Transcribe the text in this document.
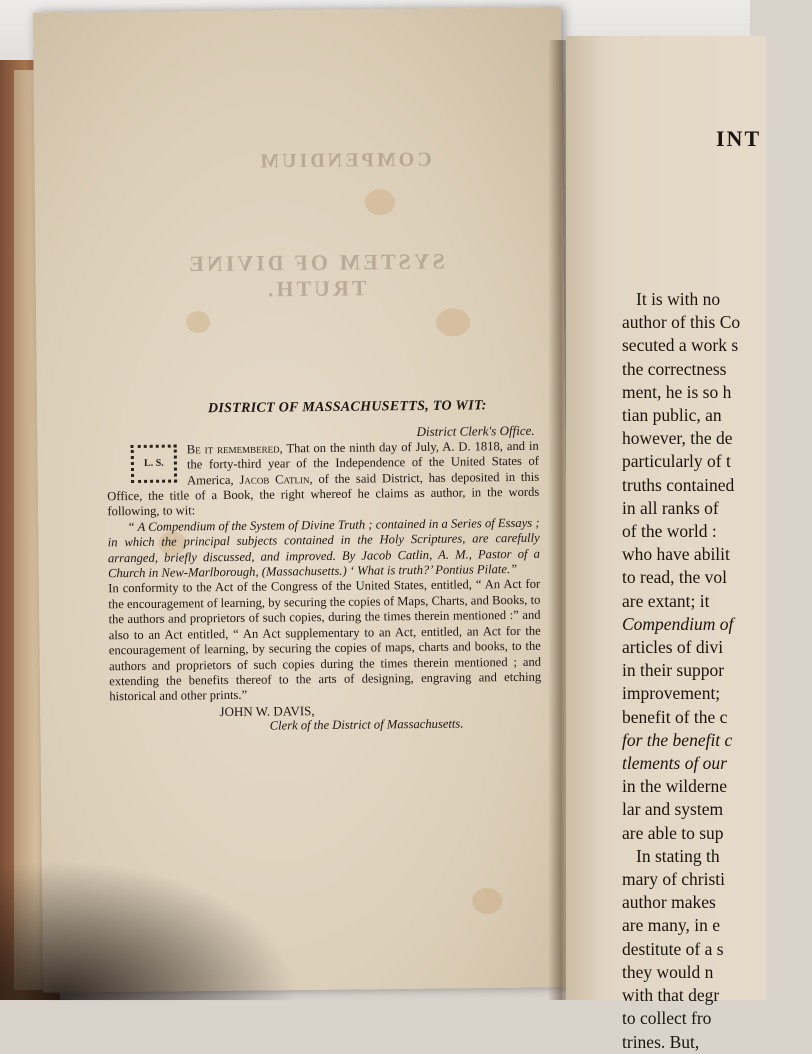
COMPENDIUM
SYSTEM OF DIVINE TRUTH.
DISTRICT OF MASSACHUSETTS, TO WIT:
District Clerk's Office.

L. S.
Be it remembered, That on the ninth day of July, A. D. 1818, and in the forty-third year of the Independence of the United States of America, Jacob Catlin, of the said District, has deposited in this Office, the title of a Book, the right whereof he claims as author, in the words following, to wit:

“ A Compendium of the System of Divine Truth ; contained in a Series of Essays ; in which the principal subjects contained in the Holy Scriptures, are carefully arranged, briefly discussed, and improved. By Jacob Catlin, A. M., Pastor of a Church in New-Marlborough, (Massachusetts.) ‘ What is truth?’ Pontius Pilate.”

In conformity to the Act of the Congress of the United States, entitled, “ An Act for the encouragement of learning, by securing the copies of Maps, Charts, and Books, to the authors and proprietors of such copies, during the times therein mentioned :” and also to an Act entitled, “ An Act supplementary to an Act, entitled, an Act for the encouragement of learning, by securing the copies of maps, charts and books, to the authors and proprietors of such copies during the times therein mentioned ; and extending the benefits thereof to the arts of designing, engraving and etching historical and other prints.”

JOHN W. DAVIS,
Clerk of the District of Massachusetts.
INT
It is with no
author of this Co
secuted a work s
the correctness
ment, he is so h
tian public, an
however, the de
particularly of t
truths contained
in all ranks of
of the world :
who have abilit
to read, the vol
are extant; it
Compendium of
articles of divi
in their suppor
improvement;
benefit of the c
for the benefit c
tlements of our
in the wilderne
lar and system
are able to sup
In stating th
mary of christi
author makes
are many, in e
destitute of a s
they would n
with that degr
to collect fro
trines. But,
